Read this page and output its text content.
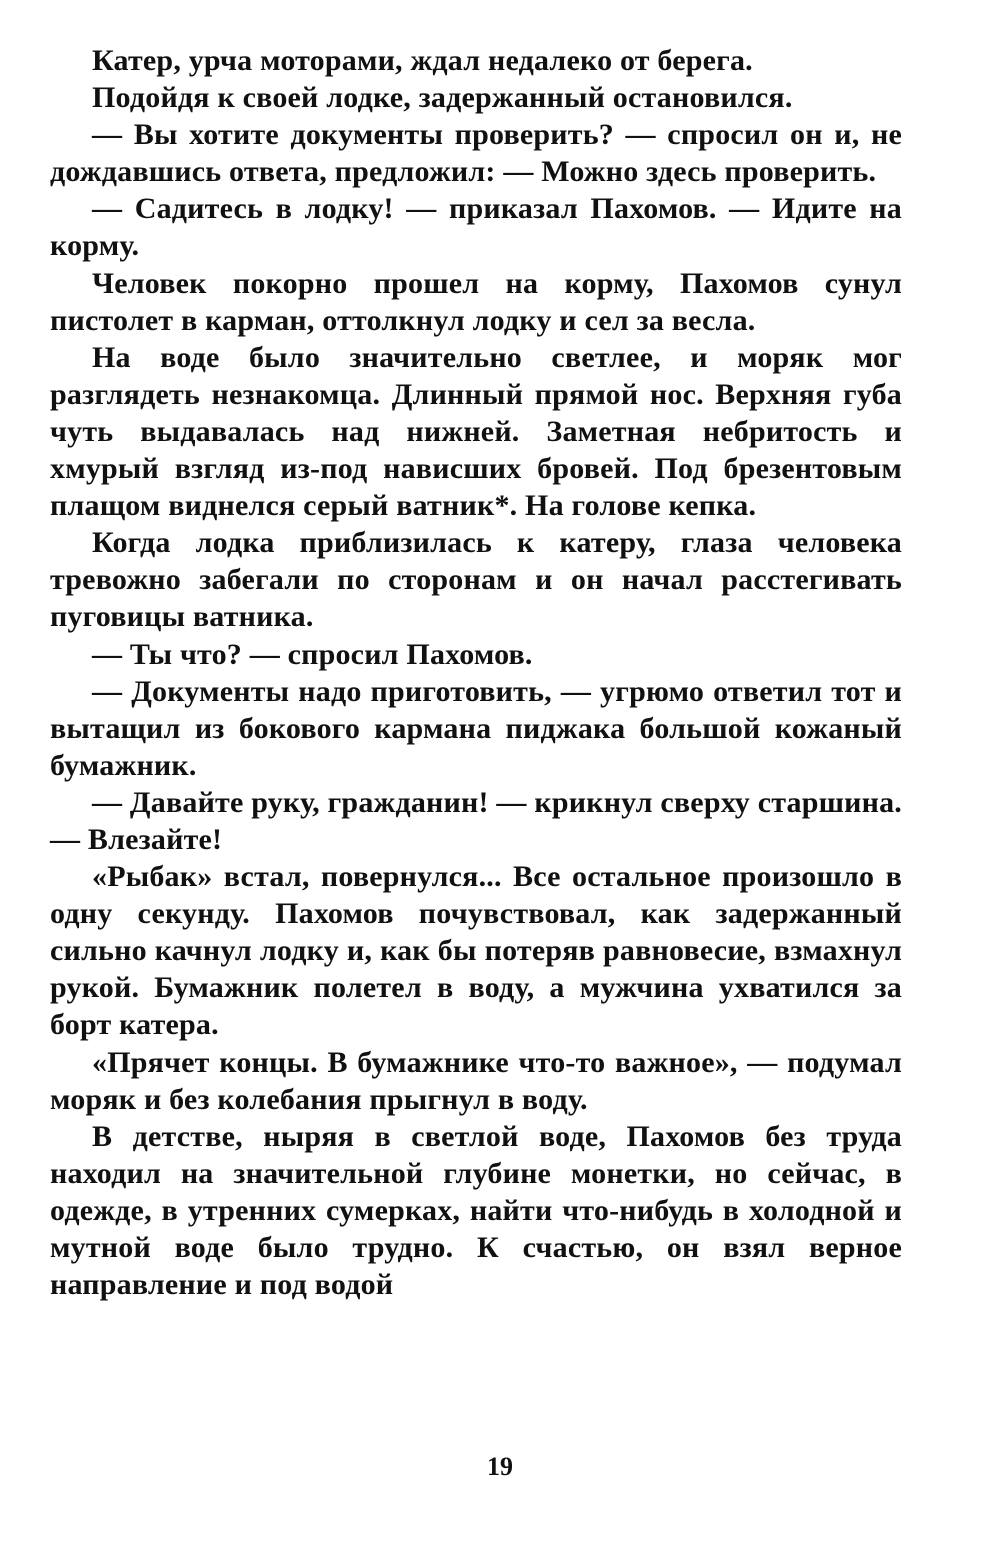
Катер, урча моторами, ждал недалеко от берега.

Подойдя к своей лодке, задержанный остановился.

— Вы хотите документы проверить? — спросил он и, не дождавшись ответа, предложил: — Можно здесь проверить.

— Садитесь в лодку! — приказал Пахомов. — Идите на корму.

Человек покорно прошел на корму, Пахомов сунул пистолет в карман, оттолкнул лодку и сел за весла.

На воде было значительно светлее, и моряк мог разглядеть незнакомца. Длинный прямой нос. Верхняя губа чуть выдавалась над нижней. Заметная небритость и хмурый взгляд из-под нависших бровей. Под брезентовым плащом виднелся серый ватник*. На голове кепка.

Когда лодка приблизилась к катеру, глаза человека тревожно забегали по сторонам и он начал расстегивать пуговицы ватника.

— Ты что? — спросил Пахомов.

— Документы надо приготовить, — угрюмо ответил тот и вытащил из бокового кармана пиджака большой кожаный бумажник.

— Давайте руку, гражданин! — крикнул сверху старшина. — Влезайте!

«Рыбак» встал, повернулся... Все остальное произошло в одну секунду. Пахомов почувствовал, как задержанный сильно качнул лодку и, как бы потеряв равновесие, взмахнул рукой. Бумажник полетел в воду, а мужчина ухватился за борт катера.

«Прячет концы. В бумажнике что-то важное», — подумал моряк и без колебания прыгнул в воду.

В детстве, ныряя в светлой воде, Пахомов без труда находил на значительной глубине монетки, но сейчас, в одежде, в утренних сумерках, найти что-нибудь в холодной и мутной воде было трудно. К счастью, он взял верное направление и под водой

19
